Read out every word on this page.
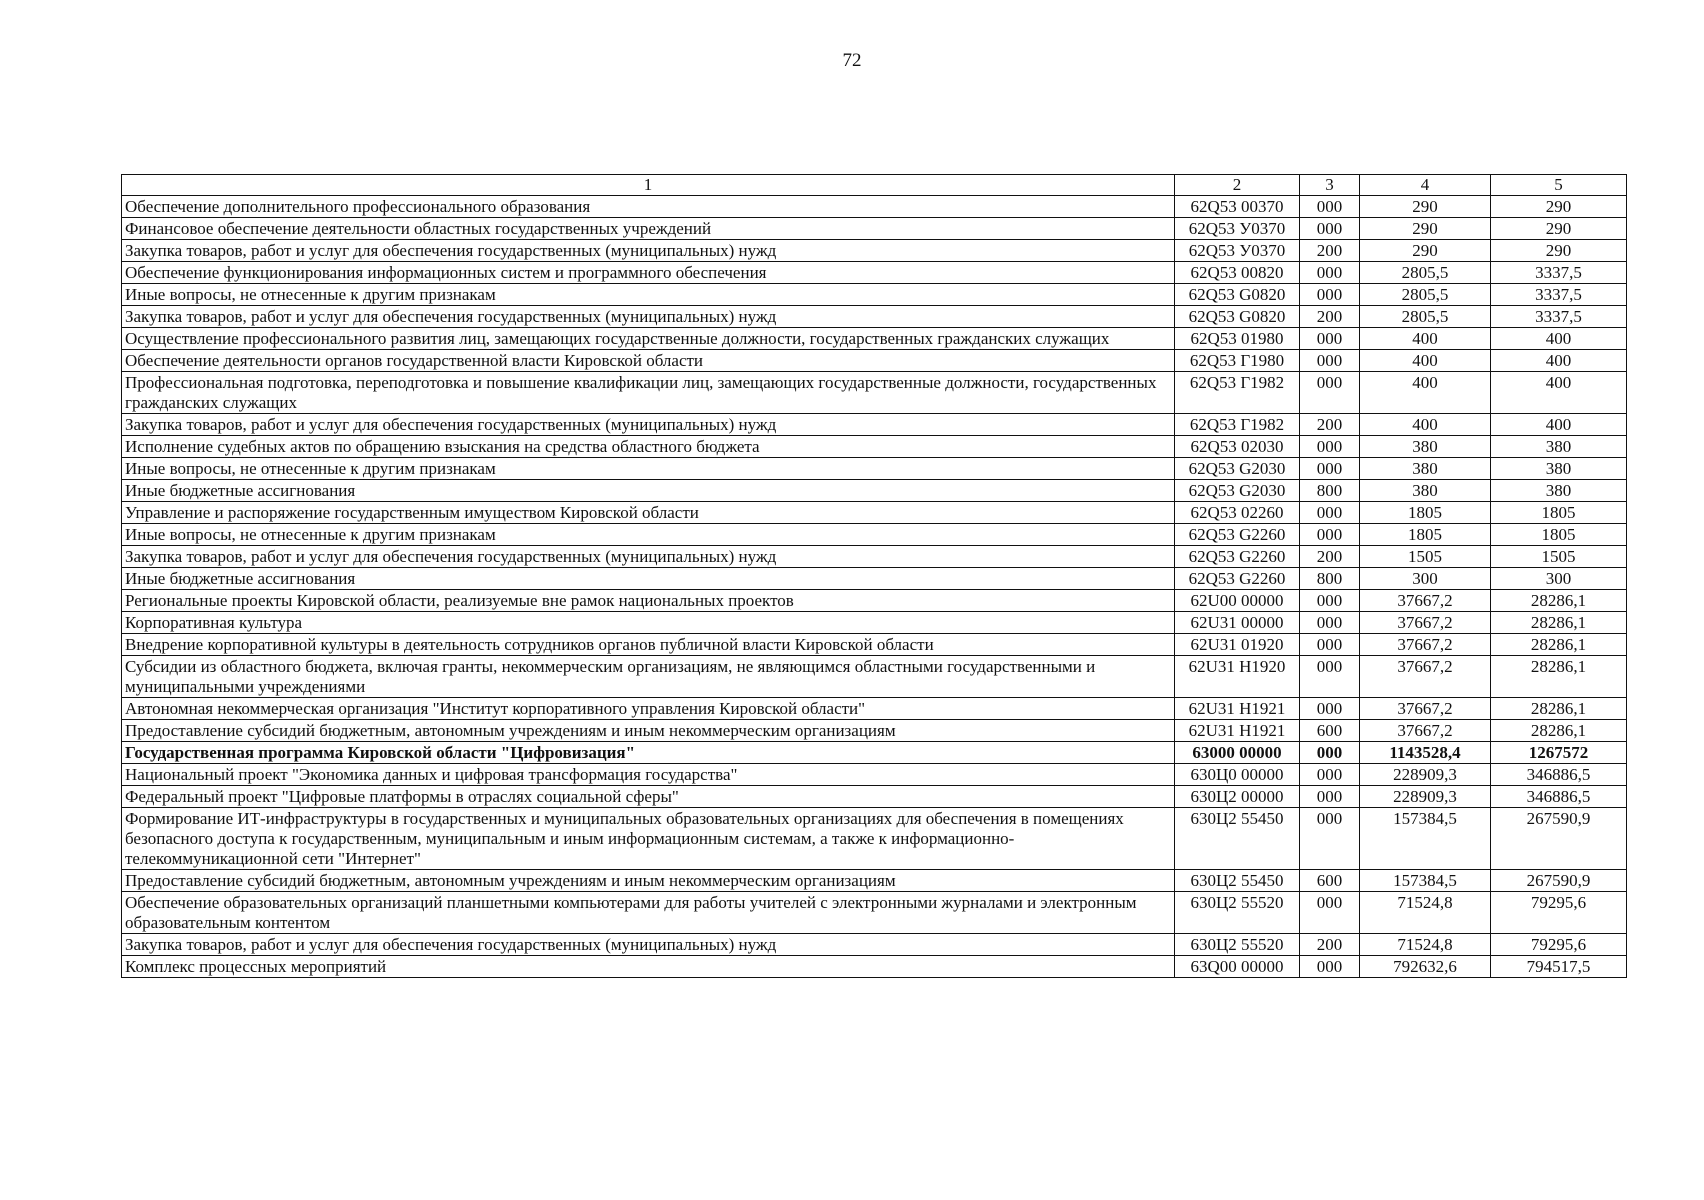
72
1	2	3	4	5
Обеспечение дополнительного профессионального образования	62Q53 00370	000	290	290
Финансовое обеспечение деятельности областных государственных учреждений	62Q53 У0370	000	290	290
Закупка товаров, работ и услуг для обеспечения государственных (муниципальных) нужд	62Q53 У0370	200	290	290
Обеспечение функционирования информационных систем и программного обеспечения	62Q53 00820	000	2805,5	3337,5
Иные вопросы, не отнесенные к другим признакам	62Q53 G0820	000	2805,5	3337,5
Закупка товаров, работ и услуг для обеспечения государственных (муниципальных) нужд	62Q53 G0820	200	2805,5	3337,5
Осуществление профессионального развития лиц, замещающих государственные должности, государственных гражданских служащих	62Q53 01980	000	400	400
Обеспечение деятельности органов государственной власти Кировской области	62Q53 Г1980	000	400	400
Профессиональная подготовка, переподготовка и повышение квалификации лиц, замещающих государственные должности, государственных гражданских служащих	62Q53 Г1982	000	400	400
Закупка товаров, работ и услуг для обеспечения государственных (муниципальных) нужд	62Q53 Г1982	200	400	400
Исполнение судебных актов по обращению взыскания на средства областного бюджета	62Q53 02030	000	380	380
Иные вопросы, не отнесенные к другим признакам	62Q53 G2030	000	380	380
Иные бюджетные ассигнования	62Q53 G2030	800	380	380
Управление и распоряжение государственным имуществом Кировской области	62Q53 02260	000	1805	1805
Иные вопросы, не отнесенные к другим признакам	62Q53 G2260	000	1805	1805
Закупка товаров, работ и услуг для обеспечения государственных (муниципальных) нужд	62Q53 G2260	200	1505	1505
Иные бюджетные ассигнования	62Q53 G2260	800	300	300
Региональные проекты Кировской области, реализуемые вне рамок национальных проектов	62U00 00000	000	37667,2	28286,1
Корпоративная культура	62U31 00000	000	37667,2	28286,1
Внедрение корпоративной культуры в деятельность сотрудников органов публичной власти Кировской области	62U31 01920	000	37667,2	28286,1
Субсидии из областного бюджета, включая гранты, некоммерческим организациям, не являющимся областными государственными и муниципальными учреждениями	62U31 H1920	000	37667,2	28286,1
Автономная некоммерческая организация "Институт корпоративного управления Кировской области"	62U31 H1921	000	37667,2	28286,1
Предоставление субсидий бюджетным, автономным учреждениям и иным некоммерческим организациям	62U31 H1921	600	37667,2	28286,1
Государственная программа Кировской области "Цифровизация"	63000 00000	000	1143528,4	1267572
Национальный проект "Экономика данных и цифровая трансформация государства"	630Ц0 00000	000	228909,3	346886,5
Федеральный проект "Цифровые платформы в отраслях социальной сферы"	630Ц2 00000	000	228909,3	346886,5
Формирование ИТ-инфраструктуры в государственных и муниципальных образовательных организациях для обеспечения в помещениях безопасного доступа к государственным, муниципальным и иным информационным системам, а также к информационно-телекоммуникационной сети "Интернет"	630Ц2 55450	000	157384,5	267590,9
Предоставление субсидий бюджетным, автономным учреждениям и иным некоммерческим организациям	630Ц2 55450	600	157384,5	267590,9
Обеспечение образовательных организаций планшетными компьютерами для работы учителей с электронными журналами и электронным образовательным контентом	630Ц2 55520	000	71524,8	79295,6
Закупка товаров, работ и услуг для обеспечения государственных (муниципальных) нужд	630Ц2 55520	200	71524,8	79295,6
Комплекс процессных мероприятий	63Q00 00000	000	792632,6	794517,5
